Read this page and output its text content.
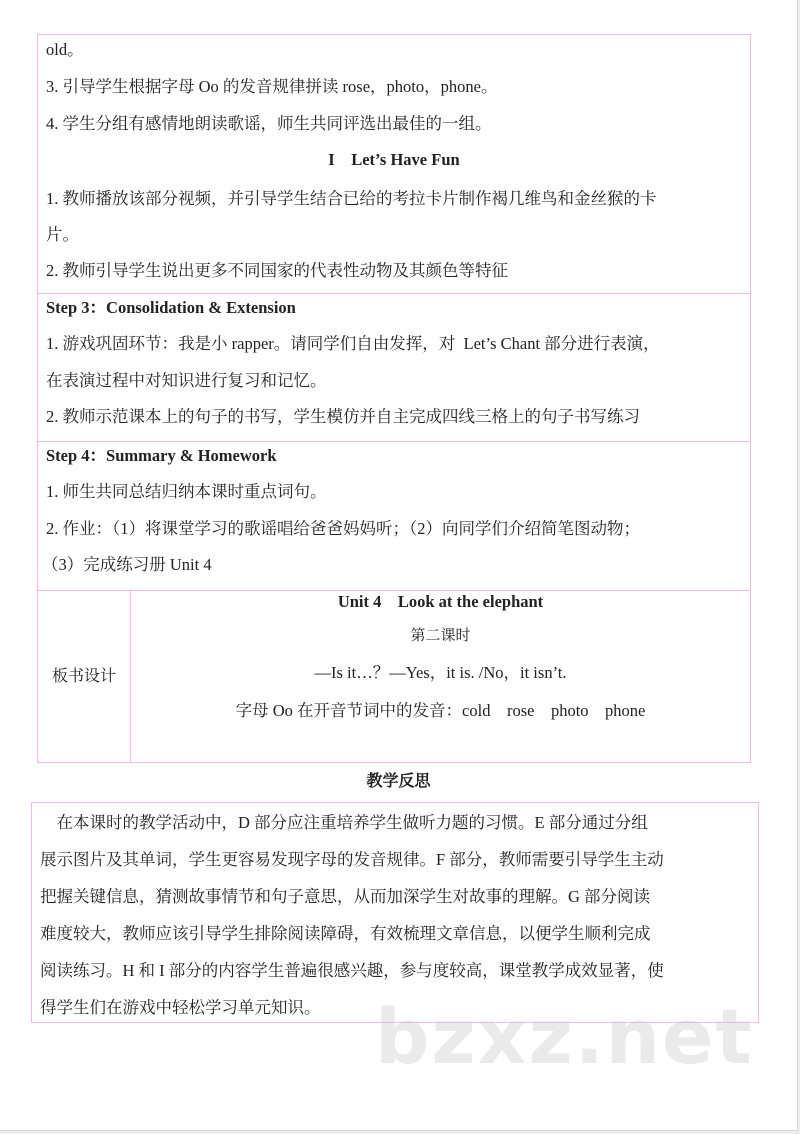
old。
3. 引导学生根据字母 Oo 的发音规律拼读 rose，photo，phone。
4. 学生分组有感情地朗读歌谣，师生共同评选出最佳的一组。
I    Let’s Have Fun
1. 教师播放该部分视频，并引导学生结合已给的考拉卡片制作褐几维鸟和金丝猴的卡
片。
2. 教师引导学生说出更多不同国家的代表性动物及其颜色等特征
Step 3：Consolidation & Extension
1. 游戏巩固环节：我是小 rapper。请同学们自由发挥，对  Let’s Chant 部分进行表演，
在表演过程中对知识进行复习和记忆。
2. 教师示范课本上的句子的书写，学生模仿并自主完成四线三格上的句子书写练习
Step 4：Summary & Homework
1. 师生共同总结归纳本课时重点词句。
2. 作业：（1）将课堂学习的歌谣唱给爸爸妈妈听；（2）向同学们介绍简笔图动物；
（3）完成练习册 Unit 4
板书设计
Unit 4    Look at the elephant
第二课时
—Is it…？—Yes，it is. /No，it isn’t.
字母 Oo 在开音节词中的发音：cold    rose    photo    phone
教学反思
在本课时的教学活动中，D 部分应注重培养学生做听力题的习惯。E 部分通过分组
展示图片及其单词，学生更容易发现字母的发音规律。F 部分，教师需要引导学生主动
把握关键信息，猜测故事情节和句子意思，从而加深学生对故事的理解。G 部分阅读
难度较大，教师应该引导学生排除阅读障碍，有效梳理文章信息，以便学生顺利完成
阅读练习。H 和 I 部分的内容学生普遍很感兴趣，参与度较高，课堂教学成效显著，使
得学生们在游戏中轻松学习单元知识。 bzxz.net
